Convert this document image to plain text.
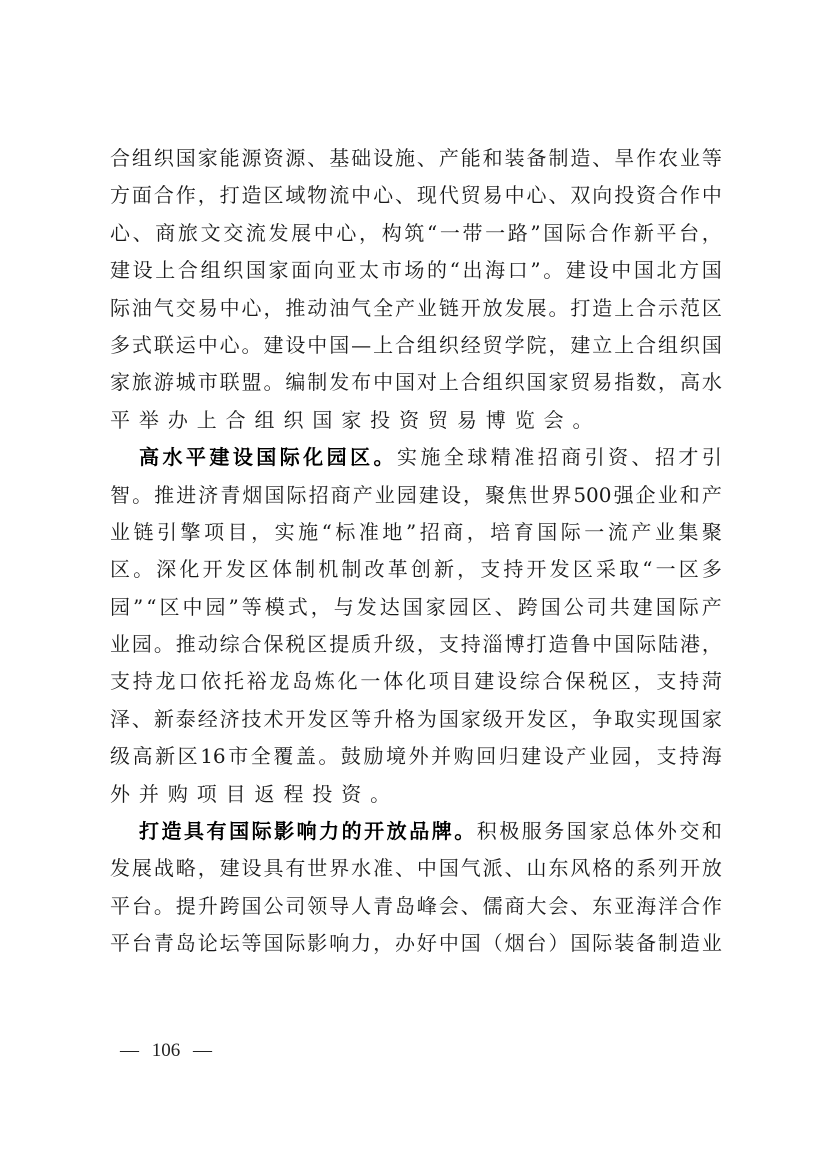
合 组 织 国 家 能 源 资 源 、 基 础 设 施 、 产 能 和 装 备 制 造 、 旱 作 农 业 等
方 面 合 作 ， 打 造 区 域 物 流 中 心 、 现 代 贸 易 中 心 、 双 向 投 资 合 作 中
心 、 商 旅 文 交 流 发 展 中 心 ， 构 筑 “ 一 带 一 路 ” 国 际 合 作 新 平 台 ，
建 设 上 合 组 织 国 家 面 向 亚 太 市 场 的 “ 出 海 口 ” 。 建 设 中 国 北 方 国
际 油 气 交 易 中 心 ， 推 动 油 气 全 产 业 链 开 放 发 展 。 打 造 上 合 示 范 区
多 式 联 运 中 心 。 建 设 中 国 — 上 合 组 织 经 贸 学 院 ， 建 立 上 合 组 织 国
家 旅 游 城 市 联 盟 。 编 制 发 布 中 国 对 上 合 组 织 国 家 贸 易 指 数 ， 高 水
平 举 办 上 合 组 织 国 家 投 资 贸 易 博 览 会 。
高 水 平 建 设 国 际 化 园 区 。 实 施 全 球 精 准 招 商 引 资 、 招 才 引
智 。 推 进 济 青 烟 国 际 招 商 产 业 园 建 设 ， 聚 焦 世 界 500 强 企 业 和 产
业 链 引 擎 项 目 ， 实 施 “ 标 准 地 ” 招 商 ， 培 育 国 际 一 流 产 业 集 聚
区 。 深 化 开 发 区 体 制 机 制 改 革 创 新 ， 支 持 开 发 区 采 取 “ 一 区 多
园 ” “ 区 中 园 ” 等 模 式 ， 与 发 达 国 家 园 区 、 跨 国 公 司 共 建 国 际 产
业 园 。 推 动 综 合 保 税 区 提 质 升 级 ， 支 持 淄 博 打 造 鲁 中 国 际 陆 港 ，
支 持 龙 口 依 托 裕 龙 岛 炼 化 一 体 化 项 目 建 设 综 合 保 税 区 ， 支 持 菏
泽 、 新 泰 经 济 技 术 开 发 区 等 升 格 为 国 家 级 开 发 区 ， 争 取 实 现 国 家
级 高 新 区 16 市 全 覆 盖 。 鼓 励 境 外 并 购 回 归 建 设 产 业 园 ， 支 持 海
外 并 购 项 目 返 程 投 资 。
打 造 具 有 国 际 影 响 力 的 开 放 品 牌 。 积 极 服 务 国 家 总 体 外 交 和
发 展 战 略 ， 建 设 具 有 世 界 水 准 、 中 国 气 派 、 山 东 风 格 的 系 列 开 放
平 台 。 提 升 跨 国 公 司 领 导 人 青 岛 峰 会 、 儒 商 大 会 、 东 亚 海 洋 合 作
平 台 青 岛 论 坛 等 国 际 影 响 力 ， 办 好 中 国 （ 烟 台 ） 国 际 装 备 制 造 业
— 106 —
